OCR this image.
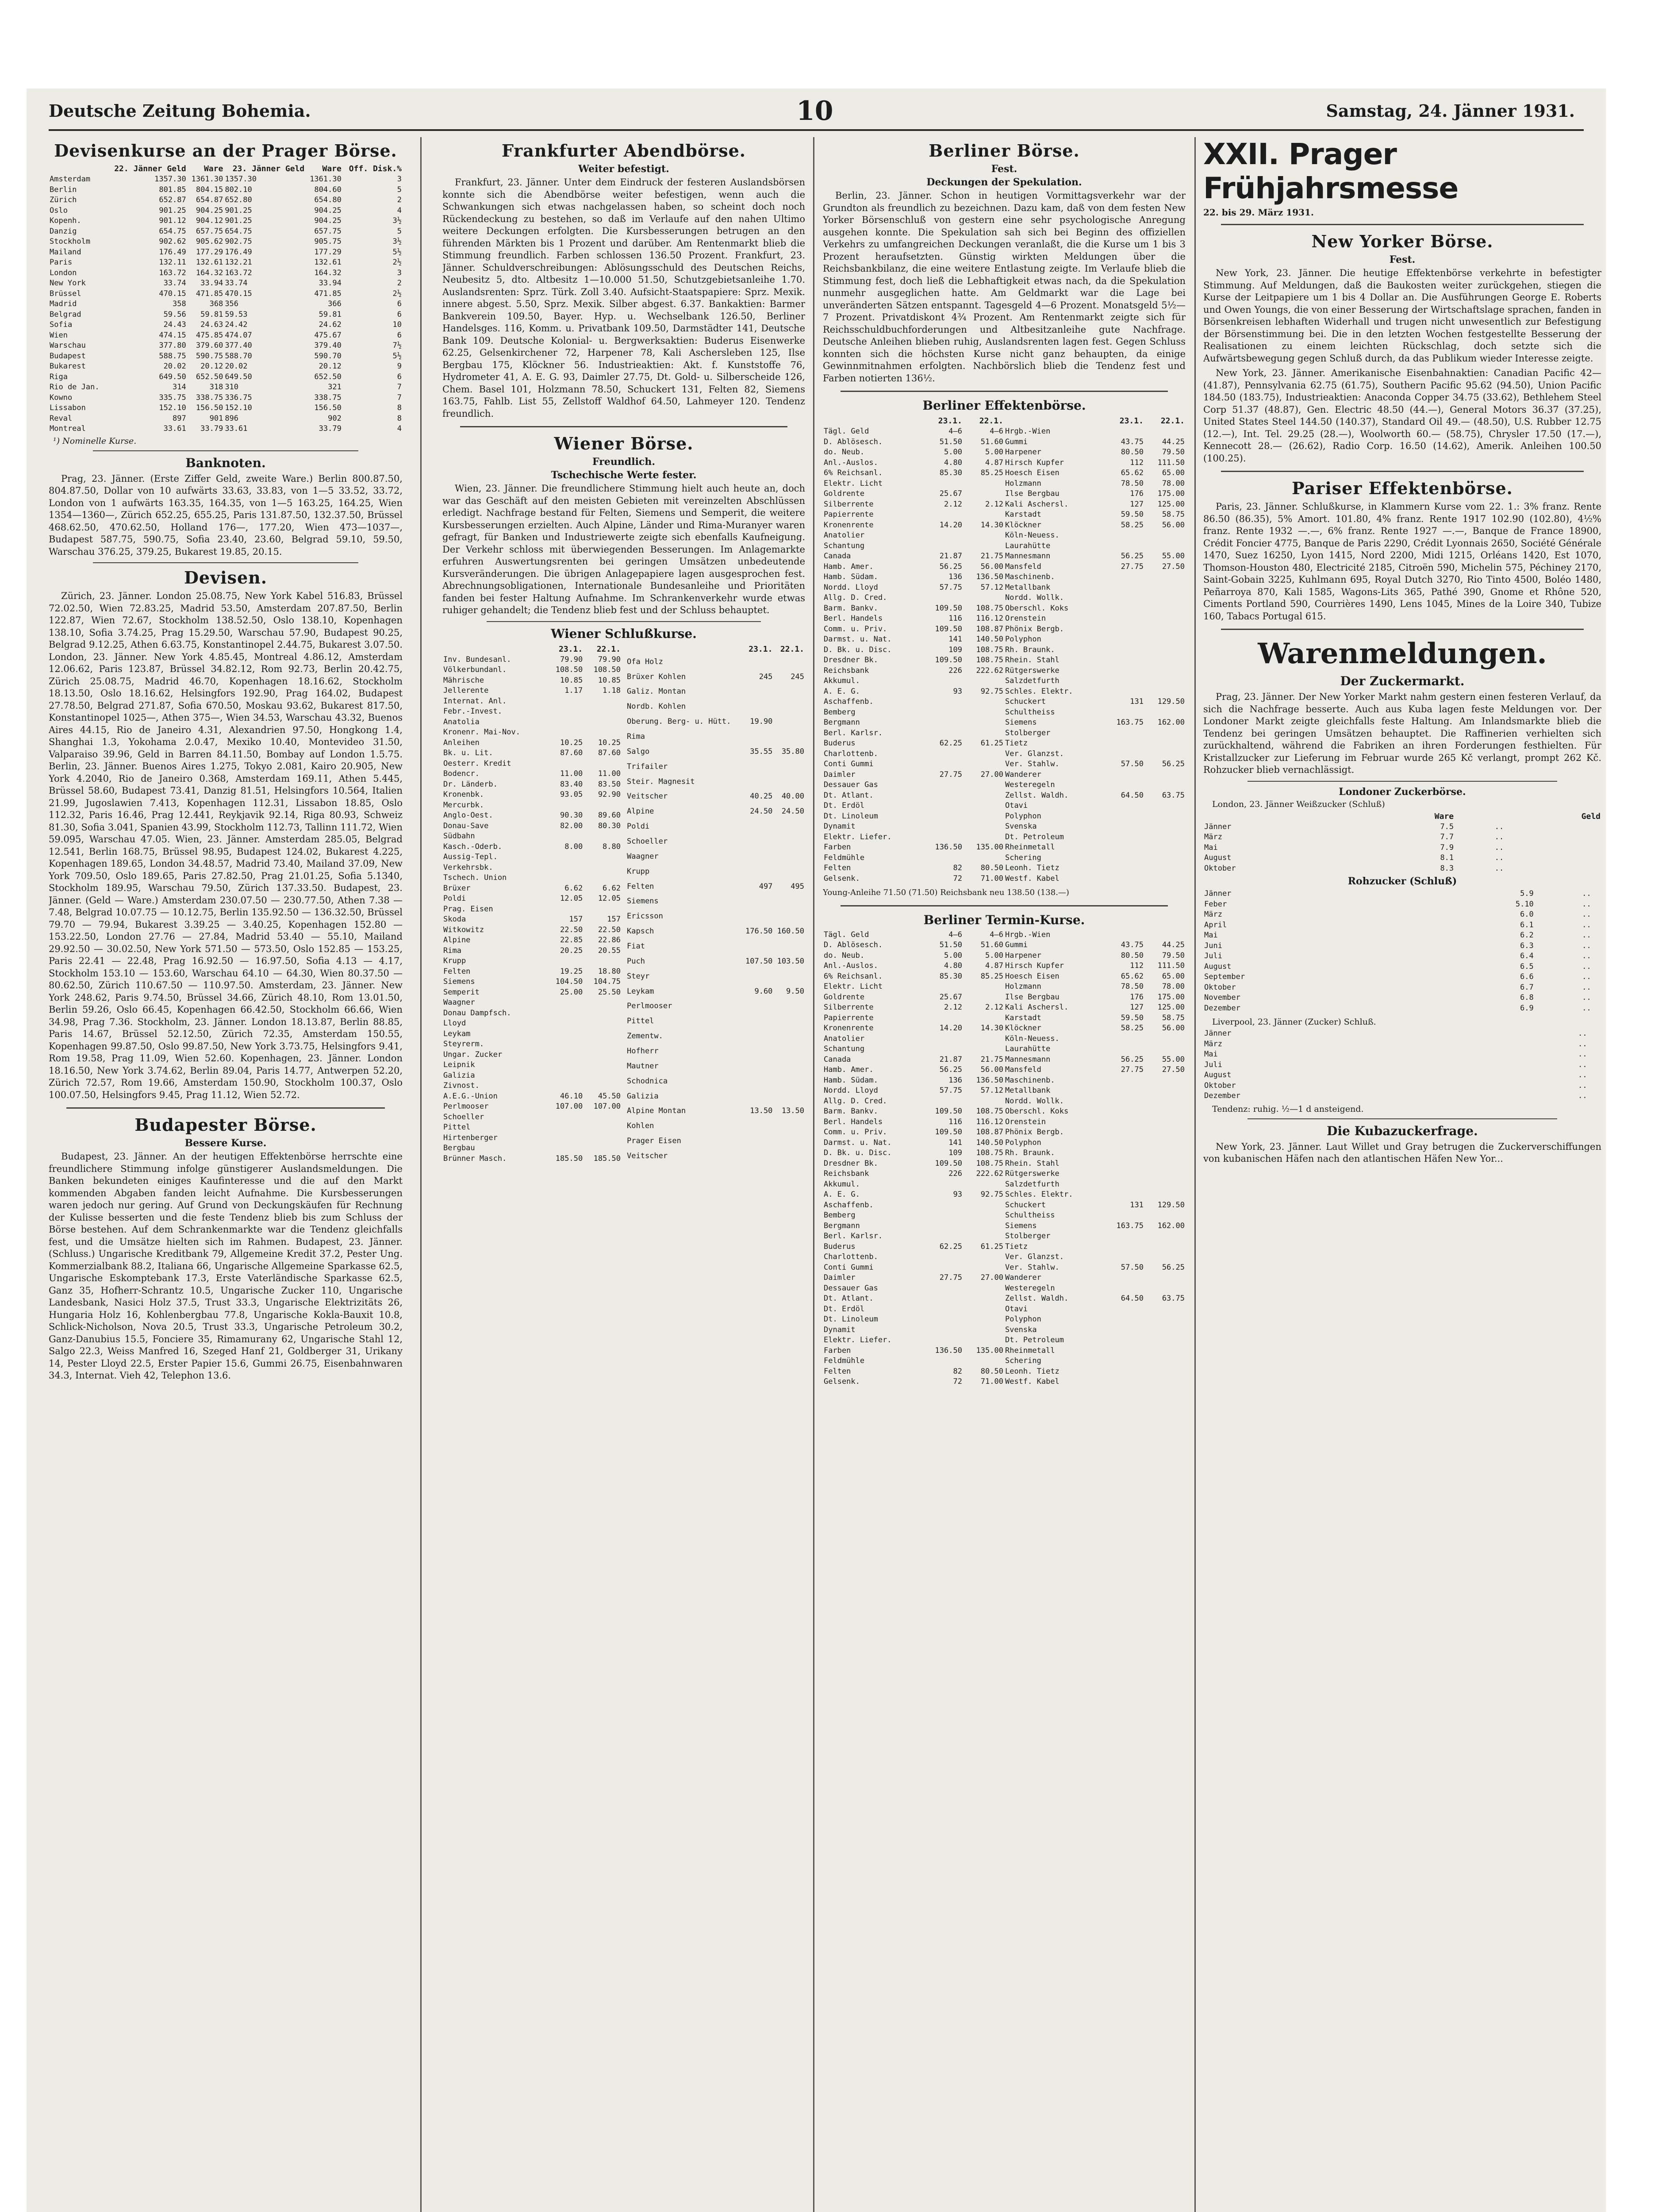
Deutsche Zeitung Bohemia.	10	Samstag, 24. Jänner 1931.
Devisenkurse an der Prager Börse.
	22. Jänner Geld	Ware	23. Jänner Geld	Ware	Off. Disk.%
Amsterdam	1357.30	1361.30	1357.30	1361.30	3
Berlin	801.85	804.15	802.10	804.60	5
Zürich	652.87	654.87	652.80	654.80	2
Oslo	901.25	904.25	901.25	904.25	4
Kopenh.	901.12	904.12	901.25	904.25	3½
Danzig	654.75	657.75	654.75	657.75	5
Stockholm	902.62	905.62	902.75	905.75	3½
Mailand	176.49	177.29	176.49	177.29	5½
Paris	132.11	132.61	132.21	132.61	2½
London	163.72	164.32	163.72	164.32	3
New York	33.74	33.94	33.74	33.94	2
Brüssel	470.15	471.85	470.15	471.85	2½
Madrid	358	368	356	366	6
Belgrad	59.56	59.81	59.53	59.81	6
Sofia	24.43	24.63	24.42	24.62	10
Wien	474.15	475.85	474.07	475.67	6
Warschau	377.80	379.60	377.40	379.40	7½
Budapest	588.75	590.75	588.70	590.70	5½
Bukarest	20.02	20.12	20.02	20.12	9
Riga	649.50	652.50	649.50	652.50	6
Rio de Jan.	314	318	310	321	7
Kowno	335.75	338.75	336.75	338.75	7
Lissabon	152.10	156.50	152.10	156.50	8
Reval	897	901	896	902	8
Montreal	33.61	33.79	33.61	33.79	4
¹) Nominelle Kurse.
Banknoten.

Prag, 23. Jänner. (Erste Ziffer Geld, zweite Ware.) Berlin 800.87.50, 804.87.50, Dollar von 10 aufwärts 33.63, 33.83, von 1—5 33.52, 33.72, London von 1 aufwärts 163.35, 164.35, von 1—5 163.25, 164.25, Wien 1354—1360—, Zürich 652.25, 655.25, Paris 131.87.50, 132.37.50, Brüssel 468.62.50, 470.62.50, Holland 176—, 177.20, Wien 473—1037—, Budapest 587.75, 590.75, Sofia 23.40, 23.60, Belgrad 59.10, 59.50, Warschau 376.25, 379.25, Bukarest 19.85, 20.15.

Devisen.

Zürich, 23. Jänner. London 25.08.75, New York Kabel 516.83, Brüssel 72.02.50, Wien 72.83.25, Madrid 53.50, Amsterdam 207.87.50, Berlin 122.87, Wien 72.67, Stockholm 138.52.50, Oslo 138.10, Kopenhagen 138.10, Sofia 3.74.25, Prag 15.29.50, Warschau 57.90, Budapest 90.25, Belgrad 9.12.25, Athen 6.63.75, Konstantinopel 2.44.75, Bukarest 3.07.50. London, 23. Jänner. New York 4.85.45, Montreal 4.86.12, Amsterdam 12.06.62, Paris 123.87, Brüssel 34.82.12, Rom 92.73, Berlin 20.42.75, Zürich 25.08.75, Madrid 46.70, Kopenhagen 18.16.62, Stockholm 18.13.50, Oslo 18.16.62, Helsingfors 192.90, Prag 164.02, Budapest 27.78.50, Belgrad 271.87, Sofia 670.50, Moskau 93.62, Bukarest 817.50, Konstantinopel 1025—, Athen 375—, Wien 34.53, Warschau 43.32, Buenos Aires 44.15, Rio de Janeiro 4.31, Alexandrien 97.50, Hongkong 1.4, Shanghai 1.3, Yokohama 2.0.47, Mexiko 10.40, Montevideo 31.50, Valparaiso 39.96, Geld in Barren 84.11.50, Bombay auf London 1.5.75. Berlin, 23. Jänner. Buenos Aires 1.275, Tokyo 2.081, Kairo 20.905, New York 4.2040, Rio de Janeiro 0.368, Amsterdam 169.11, Athen 5.445, Brüssel 58.60, Budapest 73.41, Danzig 81.51, Helsingfors 10.564, Italien 21.99, Jugoslawien 7.413, Kopenhagen 112.31, Lissabon 18.85, Oslo 112.32, Paris 16.46, Prag 12.441, Reykjavik 92.14, Riga 80.93, Schweiz 81.30, Sofia 3.041, Spanien 43.99, Stockholm 112.73, Tallinn 111.72, Wien 59.095, Warschau 47.05. Wien, 23. Jänner. Amsterdam 285.05, Belgrad 12.541, Berlin 168.75, Brüssel 98.95, Budapest 124.02, Bukarest 4.225, Kopenhagen 189.65, London 34.48.57, Madrid 73.40, Mailand 37.09, New York 709.50, Oslo 189.65, Paris 27.82.50, Prag 21.01.25, Sofia 5.1340, Stockholm 189.95, Warschau 79.50, Zürich 137.33.50. Budapest, 23. Jänner. (Geld — Ware.) Amsterdam 230.07.50 — 230.77.50, Athen 7.38 — 7.48, Belgrad 10.07.75 — 10.12.75, Berlin 135.92.50 — 136.32.50, Brüssel 79.70 — 79.94, Bukarest 3.39.25 — 3.40.25, Kopenhagen 152.80 — 153.22.50, London 27.76 — 27.84, Madrid 53.40 — 55.10, Mailand 29.92.50 — 30.02.50, New York 571.50 — 573.50, Oslo 152.85 — 153.25, Paris 22.41 — 22.48, Prag 16.92.50 — 16.97.50, Sofia 4.13 — 4.17, Stockholm 153.10 — 153.60, Warschau 64.10 — 64.30, Wien 80.37.50 — 80.62.50, Zürich 110.67.50 — 110.97.50. Amsterdam, 23. Jänner. New York 248.62, Paris 9.74.50, Brüssel 34.66, Zürich 48.10, Rom 13.01.50, Berlin 59.26, Oslo 66.45, Kopenhagen 66.42.50, Stockholm 66.66, Wien 34.98, Prag 7.36. Stockholm, 23. Jänner. London 18.13.87, Berlin 88.85, Paris 14.67, Brüssel 52.12.50, Zürich 72.35, Amsterdam 150.55, Kopenhagen 99.87.50, Oslo 99.87.50, New York 3.73.75, Helsingfors 9.41, Rom 19.58, Prag 11.09, Wien 52.60. Kopenhagen, 23. Jänner. London 18.16.50, New York 3.74.62, Berlin 89.04, Paris 14.77, Antwerpen 52.20, Zürich 72.57, Rom 19.66, Amsterdam 150.90, Stockholm 100.37, Oslo 100.07.50, Helsingfors 9.45, Prag 11.12, Wien 52.72.

Budapester Börse.
Bessere Kurse.

Budapest, 23. Jänner. An der heutigen Effektenbörse herrschte eine freundlichere Stimmung infolge günstigerer Auslandsmeldungen. Die Banken bekundeten einiges Kaufinteresse und die auf den Markt kommenden Abgaben fanden leicht Aufnahme. Die Kursbesserungen waren jedoch nur gering. Auf Grund von Deckungskäufen für Rechnung der Kulisse besserten und die feste Tendenz blieb bis zum Schluss der Börse bestehen. Auf dem Schrankenmarkte war die Tendenz gleichfalls fest, und die Umsätze hielten sich im Rahmen. Budapest, 23. Jänner. (Schluss.) Ungarische Kreditbank 79, Allgemeine Kredit 37.2, Pester Ung. Kommerzialbank 88.2, Italiana 66, Ungarische Allgemeine Sparkasse 62.5, Ungarische Eskomptebank 17.3, Erste Vaterländische Sparkasse 62.5, Ganz 35, Hofherr-Schrantz 10.5, Ungarische Zucker 110, Ungarische Landesbank, Nasici Holz 37.5, Trust 33.3, Ungarische Elektrizitäts 26, Hungaria Holz 16, Kohlenbergbau 77.8, Ungarische Kokla-Bauxit 10.8, Schlick-Nicholson, Nova 20.5, Trust 33.3, Ungarische Petroleum 30.2, Ganz-Danubius 15.5, Fonciere 35, Rimamurany 62, Ungarische Stahl 12, Salgo 22.3, Weiss Manfred 16, Szeged Hanf 21, Goldberger 31, Urikany 14, Pester Lloyd 22.5, Erster Papier 15.6, Gummi 26.75, Eisenbahnwaren 34.3, Internat. Vieh 42, Telephon 13.6.

Frankfurter Abendbörse.
Weiter befestigt.

Frankfurt, 23. Jänner. Unter dem Eindruck der festeren Auslandsbörsen konnte sich die Abendbörse weiter befestigen, wenn auch die Schwankungen sich etwas nachgelassen haben, so scheint doch noch Rückendeckung zu bestehen, so daß im Verlaufe auf den nahen Ultimo weitere Deckungen erfolgten. Die Kursbesserungen betrugen an den führenden Märkten bis 1 Prozent und darüber. Am Rentenmarkt blieb die Stimmung freundlich. Farben schlossen 136.50 Prozent. Frankfurt, 23. Jänner. Schuldverschreibungen: Ablösungsschuld des Deutschen Reichs, Neubesitz 5, dto. Altbesitz 1—10.000 51.50, Schutzgebietsanleihe 1.70. Auslandsrenten: Sprz. Türk. Zoll 3.40. Aufsicht-Staatspapiere: Sprz. Mexik. innere abgest. 5.50, Sprz. Mexik. Silber abgest. 6.37. Bankaktien: Barmer Bankverein 109.50, Bayer. Hyp. u. Wechselbank 126.50, Berliner Handelsges. 116, Komm. u. Privatbank 109.50, Darmstädter 141, Deutsche Bank 109. Deutsche Kolonial- u. Bergwerksaktien: Buderus Eisenwerke 62.25, Gelsenkirchener 72, Harpener 78, Kali Aschersleben 125, Ilse Bergbau 175, Klöckner 56. Industrieaktien: Akt. f. Kunststoffe 76, Hydrometer 41, A. E. G. 93, Daimler 27.75, Dt. Gold- u. Silberscheide 126, Chem. Basel 101, Holzmann 78.50, Schuckert 131, Felten 82, Siemens 163.75, Fahlb. List 55, Zellstoff Waldhof 64.50, Lahmeyer 120. Tendenz freundlich.

Wiener Börse.
Freundlich.
Tschechische Werte fester.

Wien, 23. Jänner. Die freundlichere Stimmung hielt auch heute an, doch war das Geschäft auf den meisten Gebieten mit vereinzelten Abschlüssen erledigt. Nachfrage bestand für Felten, Siemens und Semperit, die weitere Kursbesserungen erzielten. Auch Alpine, Länder und Rima-Muranyer waren gefragt, für Banken und Industriewerte zeigte sich ebenfalls Kaufneigung. Der Verkehr schloss mit überwiegenden Besserungen. Im Anlagemarkte erfuhren Auswertungsrenten bei geringen Umsätzen unbedeutende Kursveränderungen. Die übrigen Anlagepapiere lagen ausgesprochen fest. Abrechnungsobligationen, Internationale Bundesanleihe und Prioritäten fanden bei fester Haltung Aufnahme. Im Schrankenverkehr wurde etwas ruhiger gehandelt; die Tendenz blieb fest und der Schluss behauptet.

Wiener Schlußkurse.
	23.1.	22.1.
Inv. Bundesanl.	79.90	79.90
Völkerbundanl.	108.50	108.50
Mährische	10.85	10.85
Jellerente	1.17	1.18
Internat. Anl.		
Febr.-Invest.		
Anatolia		
Kronenr. Mai-Nov.		
Anleihen	10.25	10.25
Bk. u. Lit.	87.60	87.60
Oesterr. Kredit		
Bodencr.	11.00	11.00
Dr. Länderb.	83.40	83.50
Kronenbk.	93.05	92.90
Mercurbk.		
Anglo-Oest.	90.30	89.60
Donau-Save	82.00	80.30
Südbahn		
Kasch.-Oderb.	8.00	8.80
Aussig-Tepl.		
Verkehrsbk.		
Tschech. Union		
Brüxer	6.62	6.62
Poldi	12.05	12.05
Prag. Eisen		
Skoda	157	157
Witkowitz	22.50	22.50
Alpine	22.85	22.86
Rima	20.25	20.55
Krupp		
Felten	19.25	18.80
Siemens	104.50	104.75
Semperit	25.00	25.50
Waagner		
Donau Dampfsch.		
Lloyd		
Leykam		
Steyrerm.		
Ungar. Zucker		
Leipnik		
Galizia		
Zivnost.		
A.E.G.-Union	46.10	45.50
Perlmooser	107.00	107.00
Schoeller		
Pittel		
Hirtenberger		
Bergbau		
Brünner Masch.	185.50	185.50
	23.1.	22.1.
Ofa Holz		
Brüxer Kohlen	245	245
Galiz. Montan		
Nordb. Kohlen		
Oberung. Berg- u. Hütt.	19.90	
Rima		
Salgo	35.55	35.80
Trifailer		
Steir. Magnesit		
Veitscher	40.25	40.00
Alpine	24.50	24.50
Poldi		
Schoeller		
Waagner		
Krupp		
Felten	497	495
Siemens		
Ericsson		
Kapsch	176.50	160.50
Fiat		
Puch	107.50	103.50
Steyr		
Leykam	9.60	9.50
Perlmooser		
Pittel		
Zementw.		
Hofherr		
Mautner		
Schodnica		
Galizia		
Alpine Montan	13.50	13.50
Kohlen		
Prager Eisen		
Veitscher		
Berliner Börse.
Fest.
Deckungen der Spekulation.

Berlin, 23. Jänner. Schon in heutigen Vormittagsverkehr war der Grundton als freundlich zu bezeichnen. Dazu kam, daß von dem festen New Yorker Börsenschluß von gestern eine sehr psychologische Anregung ausgehen konnte. Die Spekulation sah sich bei Beginn des offiziellen Verkehrs zu umfangreichen Deckungen veranlaßt, die die Kurse um 1 bis 3 Prozent heraufsetzten. Günstig wirkten Meldungen über die Reichsbankbilanz, die eine weitere Entlastung zeigte. Im Verlaufe blieb die Stimmung fest, doch ließ die Lebhaftigkeit etwas nach, da die Spekulation nunmehr ausgeglichen hatte. Am Geldmarkt war die Lage bei unveränderten Sätzen entspannt. Tagesgeld 4—6 Prozent. Monatsgeld 5½—7 Prozent. Privatdiskont 4¾ Prozent. Am Rentenmarkt zeigte sich für Reichsschuldbuchforderungen und Altbesitzanleihe gute Nachfrage. Deutsche Anleihen blieben ruhig, Auslandsrenten lagen fest. Gegen Schluss konnten sich die höchsten Kurse nicht ganz behaupten, da einige Gewinnmitnahmen erfolgten. Nachbörslich blieb die Tendenz fest und Farben notierten 136½.

Berliner Effektenbörse.
	23.1.	22.1.		23.1.	22.1.
Tägl. Geld	4—6	4—6	Hrgb.-Wien		
D. Ablösesch.	51.50	51.60	Gummi	43.75	44.25
do. Neub.	5.00	5.00	Harpener	80.50	79.50
Anl.-Auslos.	4.80	4.87	Hirsch Kupfer	112	111.50
6% Reichsanl.	85.30	85.25	Hoesch Eisen	65.62	65.00
Elektr. Licht			Holzmann	78.50	78.00
Goldrente	25.67		Ilse Bergbau	176	175.00
Silberrente	2.12	2.12	Kali Aschersl.	127	125.00
Papierrente			Karstadt	59.50	58.75
Kronenrente	14.20	14.30	Klöckner	58.25	56.00
Anatolier			Köln-Neuess.		
Schantung			Laurahütte		
Canada	21.87	21.75	Mannesmann	56.25	55.00
Hamb. Amer.	56.25	56.00	Mansfeld	27.75	27.50
Hamb. Südam.	136	136.50	Maschinenb.		
Nordd. Lloyd	57.75	57.12	Metallbank		
Allg. D. Cred.			Nordd. Wollk.		
Barm. Bankv.	109.50	108.75	Oberschl. Koks		
Berl. Handels	116	116.12	Orenstein		
Comm. u. Priv.	109.50	108.87	Phönix Bergb.		
Darmst. u. Nat.	141	140.50	Polyphon		
D. Bk. u. Disc.	109	108.75	Rh. Braunk.		
Dresdner Bk.	109.50	108.75	Rhein. Stahl		
Reichsbank	226	222.62	Rütgerswerke		
Akkumul.			Salzdetfurth		
A. E. G.	93	92.75	Schles. Elektr.		
Aschaffenb.			Schuckert	131	129.50
Bemberg			Schultheiss		
Bergmann			Siemens	163.75	162.00
Berl. Karlsr.			Stolberger		
Buderus	62.25	61.25	Tietz		
Charlottenb.			Ver. Glanzst.		
Conti Gummi			Ver. Stahlw.	57.50	56.25
Daimler	27.75	27.00	Wanderer		
Dessauer Gas			Westeregeln		
Dt. Atlant.			Zellst. Waldh.	64.50	63.75
Dt. Erdöl			Otavi		
Dt. Linoleum			Polyphon		
Dynamit			Svenska		
Elektr. Liefer.			Dt. Petroleum		
Farben	136.50	135.00	Rheinmetall		
Feldmühle			Schering		
Felten	82	80.50	Leonh. Tietz		
Gelsenk.	72	71.00	Westf. Kabel		

Young-Anleihe 71.50 (71.50) Reichsbank neu 138.50 (138.—)

Berliner Termin-Kurse.
Tägl. Geld	4—6	4—6	Hrgb.-Wien		
D. Ablösesch.	51.50	51.60	Gummi	43.75	44.25
do. Neub.	5.00	5.00	Harpener	80.50	79.50
Anl.-Auslos.	4.80	4.87	Hirsch Kupfer	112	111.50
6% Reichsanl.	85.30	85.25	Hoesch Eisen	65.62	65.00
Elektr. Licht			Holzmann	78.50	78.00
Goldrente	25.67		Ilse Bergbau	176	175.00
Silberrente	2.12	2.12	Kali Aschersl.	127	125.00
Papierrente			Karstadt	59.50	58.75
Kronenrente	14.20	14.30	Klöckner	58.25	56.00
Anatolier			Köln-Neuess.		
Schantung			Laurahütte		
Canada	21.87	21.75	Mannesmann	56.25	55.00
Hamb. Amer.	56.25	56.00	Mansfeld	27.75	27.50
Hamb. Südam.	136	136.50	Maschinenb.		
Nordd. Lloyd	57.75	57.12	Metallbank		
Allg. D. Cred.			Nordd. Wollk.		
Barm. Bankv.	109.50	108.75	Oberschl. Koks		
Berl. Handels	116	116.12	Orenstein		
Comm. u. Priv.	109.50	108.87	Phönix Bergb.		
Darmst. u. Nat.	141	140.50	Polyphon		
D. Bk. u. Disc.	109	108.75	Rh. Braunk.		
Dresdner Bk.	109.50	108.75	Rhein. Stahl		
Reichsbank	226	222.62	Rütgerswerke		
Akkumul.			Salzdetfurth		
A. E. G.	93	92.75	Schles. Elektr.		
Aschaffenb.			Schuckert	131	129.50
Bemberg			Schultheiss		
Bergmann			Siemens	163.75	162.00
Berl. Karlsr.			Stolberger		
Buderus	62.25	61.25	Tietz		
Charlottenb.			Ver. Glanzst.		
Conti Gummi			Ver. Stahlw.	57.50	56.25
Daimler	27.75	27.00	Wanderer		
Dessauer Gas			Westeregeln		
Dt. Atlant.			Zellst. Waldh.	64.50	63.75
Dt. Erdöl			Otavi		
Dt. Linoleum			Polyphon		
Dynamit			Svenska		
Elektr. Liefer.			Dt. Petroleum		
Farben	136.50	135.00	Rheinmetall		
Feldmühle			Schering		
Felten	82	80.50	Leonh. Tietz		
Gelsenk.	72	71.00	Westf. Kabel		
XXII. Prager Frühjahrsmesse
22. bis 29. März 1931.
New Yorker Börse.
Fest.

New York, 23. Jänner. Die heutige Effektenbörse verkehrte in befestigter Stimmung. Auf Meldungen, daß die Baukosten weiter zurückgehen, stiegen die Kurse der Leitpapiere um 1 bis 4 Dollar an. Die Ausführungen George E. Roberts und Owen Youngs, die von einer Besserung der Wirtschaftslage sprachen, fanden in Börsenkreisen lebhaften Widerhall und trugen nicht unwesentlich zur Befestigung der Börsenstimmung bei. Die in den letzten Wochen festgestellte Besserung der Realisationen zu einem leichten Rückschlag, doch setzte sich die Aufwärtsbewegung gegen Schluß durch, da das Publikum wieder Interesse zeigte.

New York, 23. Jänner. Amerikanische Eisenbahnaktien: Canadian Pacific 42— (41.87), Pennsylvania 62.75 (61.75), Southern Pacific 95.62 (94.50), Union Pacific 184.50 (183.75), Industrieaktien: Anaconda Copper 34.75 (33.62), Bethlehem Steel Corp 51.37 (48.87), Gen. Electric 48.50 (44.—), General Motors 36.37 (37.25), United States Steel 144.50 (140.37), Standard Oil 49.— (48.50), U.S. Rubber 12.75 (12.—), Int. Tel. 29.25 (28.—), Woolworth 60.— (58.75), Chrysler 17.50 (17.—), Kennecott 28.— (26.62), Radio Corp. 16.50 (14.62), Amerik. Anleihen 100.50 (100.25).

Pariser Effektenbörse.

Paris, 23. Jänner. Schlußkurse, in Klammern Kurse vom 22. 1.: 3% franz. Rente 86.50 (86.35), 5% Amort. 101.80, 4% franz. Rente 1917 102.90 (102.80), 4½% franz. Rente 1932 —.—, 6% franz. Rente 1927 —.—, Banque de France 18900, Crédit Foncier 4775, Banque de Paris 2290, Crédit Lyonnais 2650, Société Générale 1470, Suez 16250, Lyon 1415, Nord 2200, Midi 1215, Orléans 1420, Est 1070, Thomson-Houston 480, Electricité 2185, Citroën 590, Michelin 575, Péchiney 2170, Saint-Gobain 3225, Kuhlmann 695, Royal Dutch 3270, Rio Tinto 4500, Boléo 1480, Peñarroya 870, Kali 1585, Wagons-Lits 365, Pathé 390, Gnome et Rhône 520, Ciments Portland 590, Courrières 1490, Lens 1045, Mines de la Loire 340, Tubize 160, Tabacs Portugal 615.

Warenmeldungen.
Der Zuckermarkt.

Prag, 23. Jänner. Der New Yorker Markt nahm gestern einen festeren Verlauf, da sich die Nachfrage besserte. Auch aus Kuba lagen feste Meldungen vor. Der Londoner Markt zeigte gleichfalls feste Haltung. Am Inlandsmarkte blieb die Tendenz bei geringen Umsätzen behauptet. Die Raffinerien verhielten sich zurückhaltend, während die Fabriken an ihren Forderungen festhielten. Für Kristallzucker zur Lieferung im Februar wurde 265 Kč verlangt, prompt 262 Kč. Rohzucker blieb vernachlässigt.

Londoner Zuckerbörse.
London, 23. Jänner Weißzucker (Schluß)
	Ware		Geld
Jänner	7.5	..	
März	7.7	..	
Mai	7.9	..	
August	8.1	..	
Oktober	8.3	..	
Rohzucker (Schluß)
Jänner	5.9	..	
Feber	5.10	..	
März	6.0	..	
April	6.1	..	
Mai	6.2	..	
Juni	6.3	..	
Juli	6.4	..	
August	6.5	..	
September	6.6	..	
Oktober	6.7	..	
November	6.8	..	
Dezember	6.9	..	
Liverpool, 23. Jänner (Zucker) Schluß.
Jänner		..	
März		..	
Mai		..	
Juli		..	
August		..	
Oktober		..	
Dezember		..	
Tendenz: ruhig. ½—1 d ansteigend.
Die Kubazuckerfrage.

New York, 23. Jänner. Laut Willet und Gray betrugen die Zuckerverschiffungen von kubanischen Häfen nach den atlantischen Häfen New Yor...
